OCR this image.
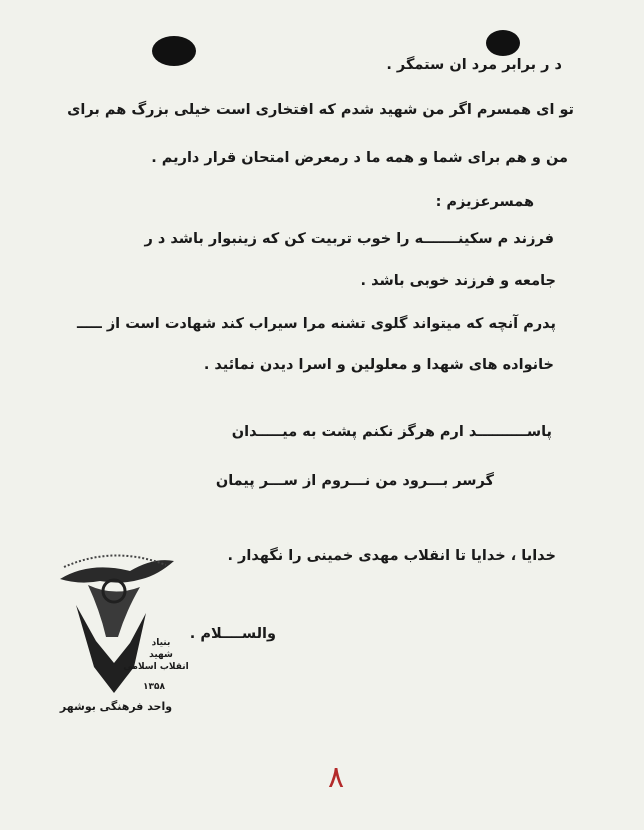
د ر برابر مرد ان ستمگر .
تو ای همسرم اگر من شهید شدم که افتخاری است خیلی بزرگ هم برای
من و هم برای شما و همه ما د رمعرض امتحان قرار داریم .
همسرعزیزم :
فرزند م سکینـــــــه را خوب تربیت کن که زینبوار باشد د ر
جامعه و فرزند خوبی باشد .
پدرم آنچه که میتواند گلوی تشنه مرا سیراب کند شهادت است از ـــــ
خانواده های شهدا و معلولین و اسرا دیدن نمائید .
پاســــــــــد ارم هرگز نکنم پشت به میـــــدان
گرسر بـــرود من نـــروم از ســـر پیمان
خدایا ، خدایا تا انقلاب مهدی خمینی را نگهدار .
والســــلام .
بنیاد
شهید
انقلاب اسلامی
۱۳۵۸
واحد فرهنگی بوشهر
۸
